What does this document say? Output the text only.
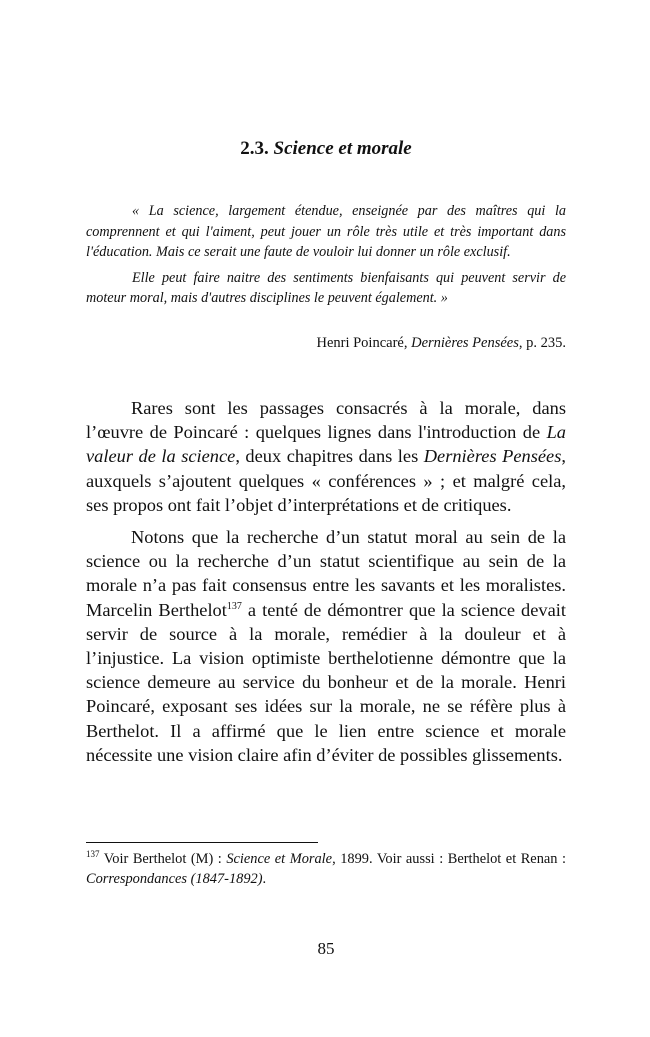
2.3. Science et morale

« La science, largement étendue, enseignée par des maîtres qui la comprennent et qui l'aiment, peut jouer un rôle très utile et très important dans l'éducation. Mais ce serait une faute de vouloir lui donner un rôle exclusif.

Elle peut faire naitre des sentiments bienfaisants qui peuvent servir de moteur moral, mais d'autres disciplines le peuvent également. »

Henri Poincaré, Dernières Pensées, p. 235.

Rares sont les passages consacrés à la morale, dans l’œuvre de Poincaré : quelques lignes dans l'introduction de La valeur de la science, deux chapitres dans les Dernières Pensées, auxquels s’ajoutent quelques « conférences » ; et malgré cela, ses propos ont fait l’objet d’interprétations et de critiques.

Notons que la recherche d’un statut moral au sein de la science ou la recherche d’un statut scientifique au sein de la morale n’a pas fait consensus entre les savants et les moralistes. Marcelin Berthelot$^{137}$ a tenté de démontrer que la science devait servir de source à la morale, remédier à la douleur et à l’injustice. La vision optimiste berthelotienne démontre que la science demeure au service du bonheur et de la morale. Henri Poincaré, exposant ses idées sur la morale, ne se réfère plus à Berthelot. Il a affirmé que le lien entre science et morale nécessite une vision claire afin d’éviter de possibles glissements.

$^{137}$ Voir Berthelot (M) : Science et Morale, 1899. Voir aussi : Berthelot et Renan : Correspondances (1847-1892).
85
